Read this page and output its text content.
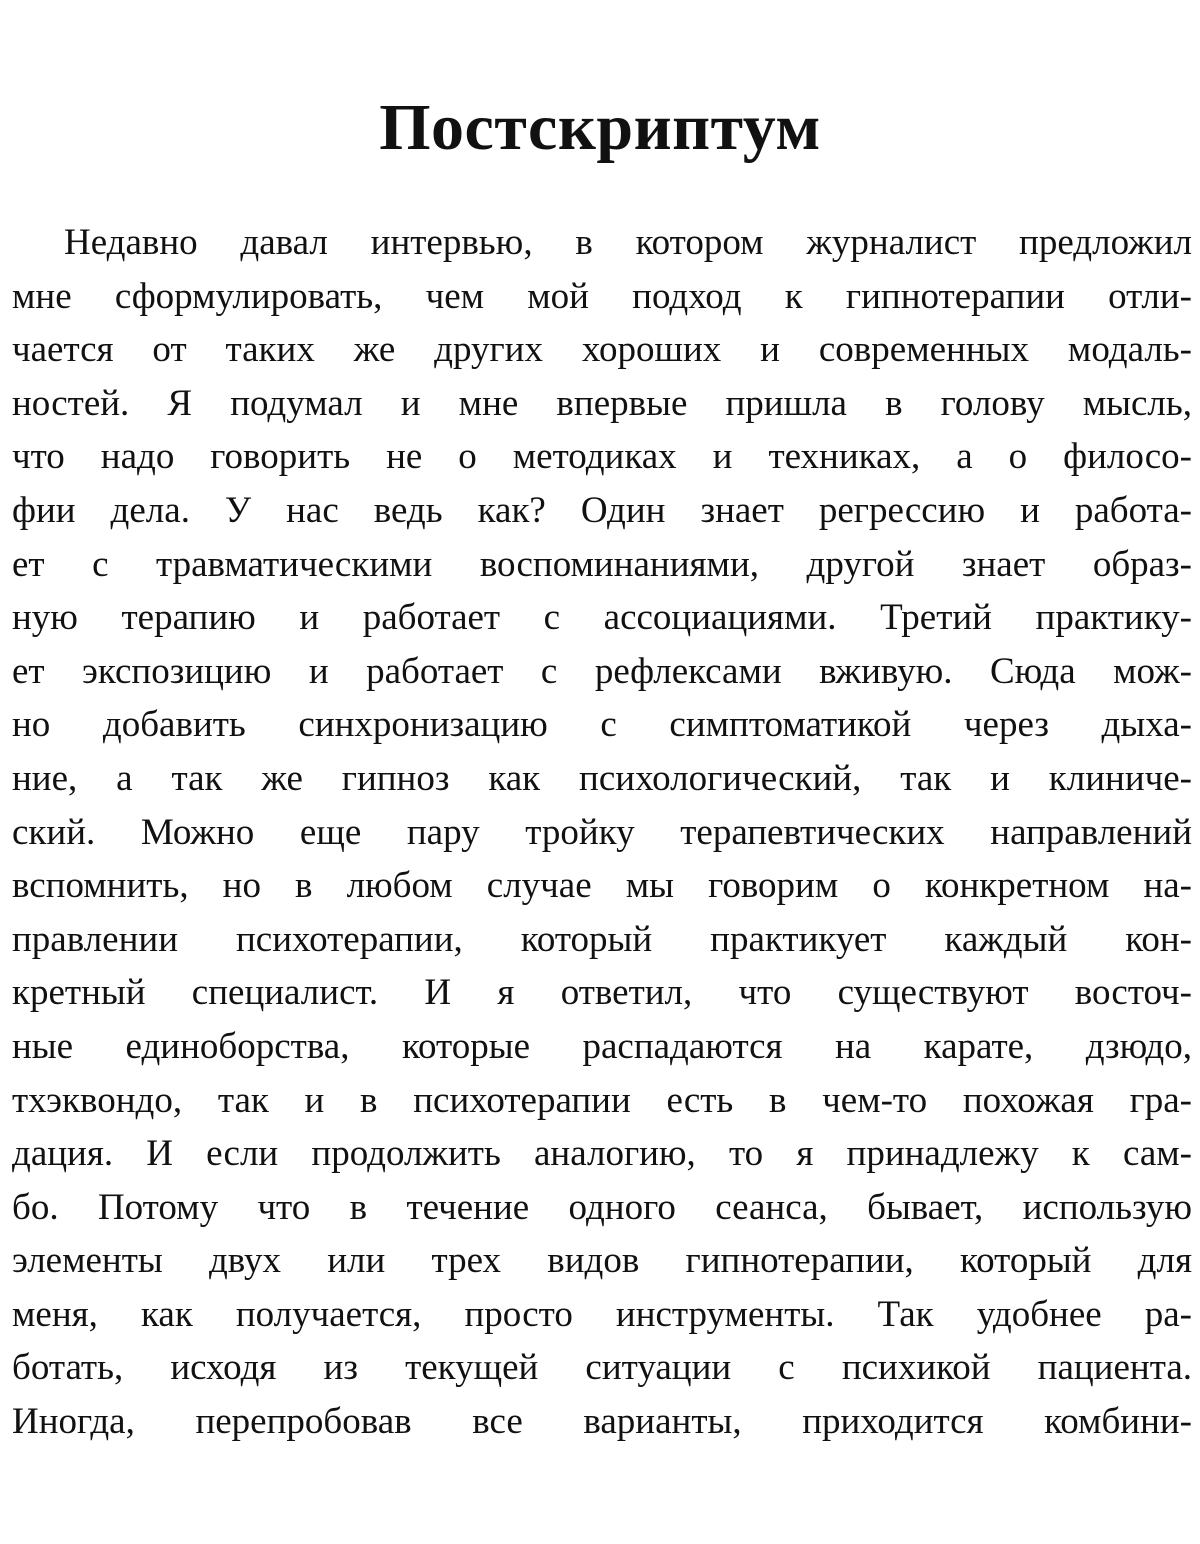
Постскриптум
Недавно давал интервью, в котором журналист предложил
мне сформулировать, чем мой подход к гипнотерапии отли-
чается от таких же других хороших и современных модаль-
ностей. Я подумал и мне впервые пришла в голову мысль,
что надо говорить не о методиках и техниках, а о филосо-
фии дела. У нас ведь как? Один знает регрессию и работа-
ет с травматическими воспоминаниями, другой знает образ-
ную терапию и работает с ассоциациями. Третий практику-
ет экспозицию и работает с рефлексами вживую. Сюда мож-
но добавить синхронизацию с симптоматикой через дыха-
ние, а так же гипноз как психологический, так и клиниче-
ский. Можно еще пару тройку терапевтических направлений
вспомнить, но в любом случае мы говорим о конкретном на-
правлении психотерапии, который практикует каждый кон-
кретный специалист. И я ответил, что существуют восточ-
ные единоборства, которые распадаются на карате, дзюдо,
тхэквондо, так и в психотерапии есть в чем-то похожая гра-
дация. И если продолжить аналогию, то я принадлежу к сам-
бо. Потому что в течение одного сеанса, бывает, использую
элементы двух или трех видов гипнотерапии, который для
меня, как получается, просто инструменты. Так удобнее ра-
ботать, исходя из текущей ситуации с психикой пациента.
Иногда, перепробовав все варианты, приходится комбини-
